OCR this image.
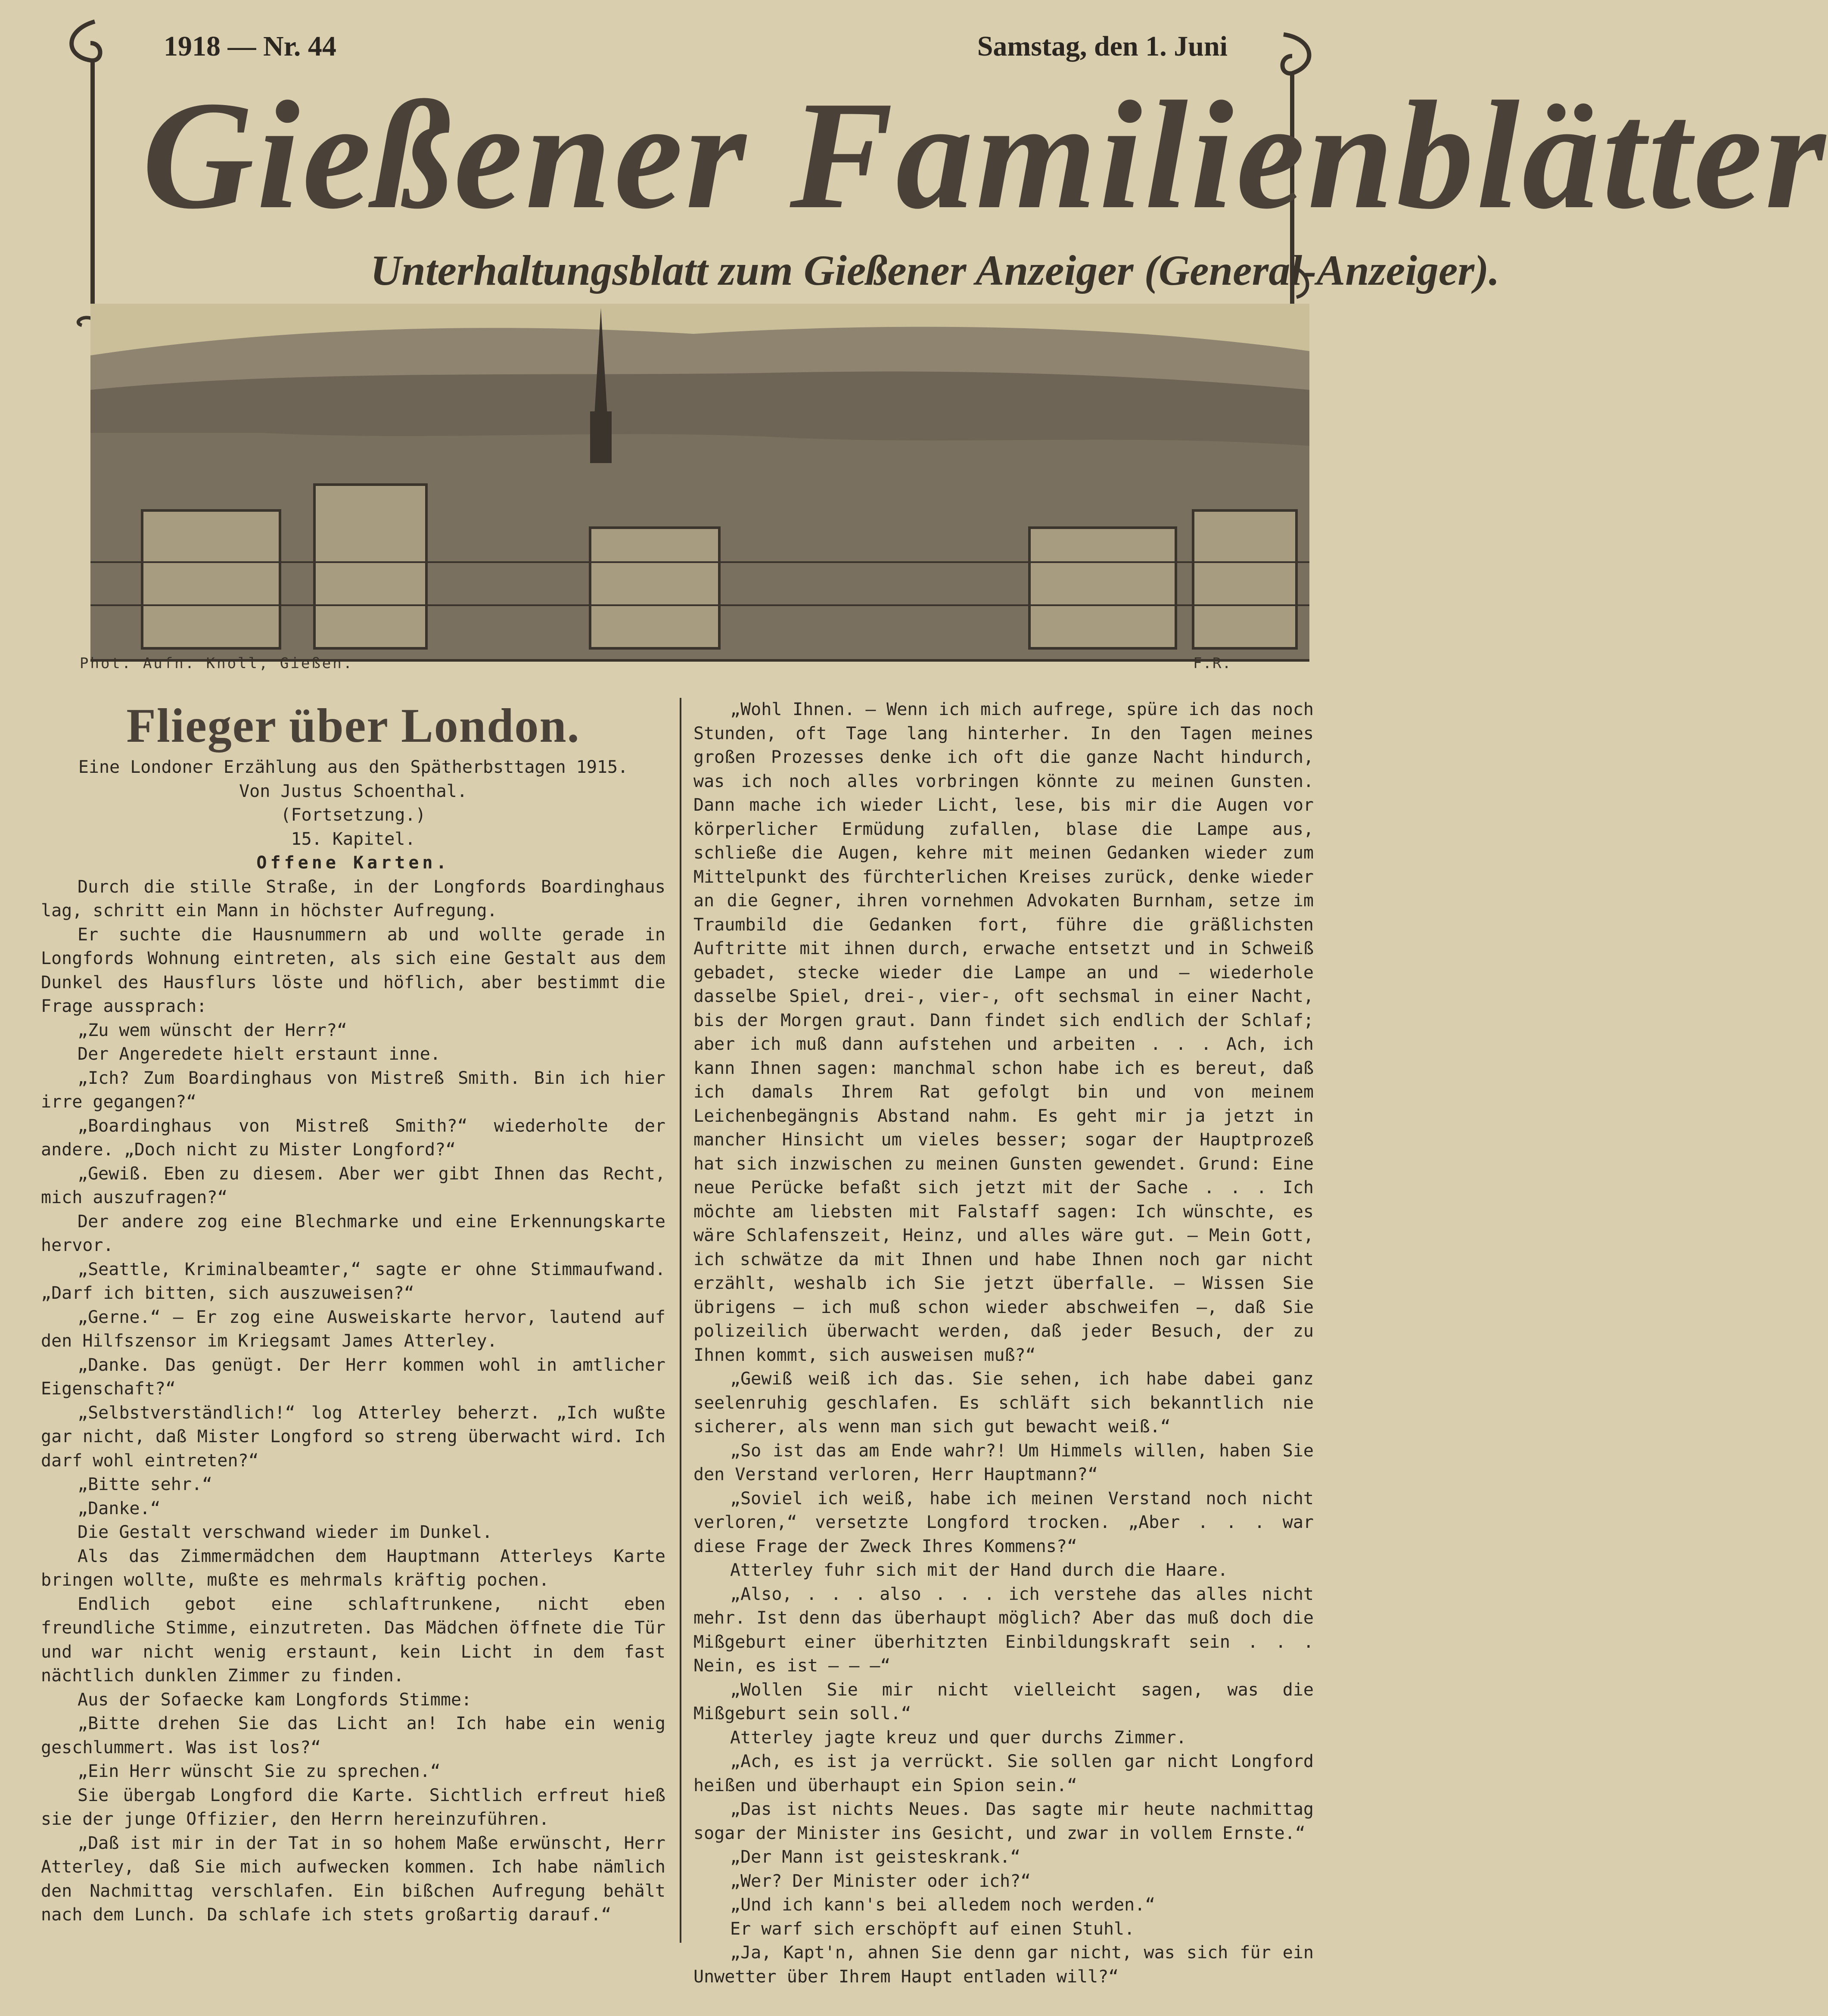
1918 — Nr. 44	Samstag, den 1. Juni
Gießener Familienblätter
Unterhaltungsblatt zum Gießener Anzeiger (General-Anzeiger).
Phot. Aufn. Knoll, Gießen.	F.R.
Flieger über London.

Eine Londoner Erzählung aus den Spätherbsttagen 1915.

Von Justus Schoenthal.

(Fortsetzung.)

15. Kapitel.

Offene Karten.

Durch die stille Straße, in der Longfords Boardinghaus lag, schritt ein Mann in höchster Aufregung.

Er suchte die Hausnummern ab und wollte gerade in Longfords Wohnung eintreten, als sich eine Gestalt aus dem Dunkel des Hausflurs löste und höflich, aber bestimmt die Frage aussprach:

„Zu wem wünscht der Herr?“

Der Angeredete hielt erstaunt inne.

„Ich? Zum Boardinghaus von Mistreß Smith. Bin ich hier irre gegangen?“

„Boardinghaus von Mistreß Smith?“ wiederholte der andere. „Doch nicht zu Mister Longford?“

„Gewiß. Eben zu diesem. Aber wer gibt Ihnen das Recht, mich auszufragen?“

Der andere zog eine Blechmarke und eine Erkennungskarte hervor.

„Seattle, Kriminalbeamter,“ sagte er ohne Stimmaufwand. „Darf ich bitten, sich auszuweisen?“

„Gerne.“ — Er zog eine Ausweiskarte hervor, lautend auf den Hilfszensor im Kriegsamt James Atterley.

„Danke. Das genügt. Der Herr kommen wohl in amtlicher Eigenschaft?“

„Selbstverständlich!“ log Atterley beherzt. „Ich wußte gar nicht, daß Mister Longford so streng überwacht wird. Ich darf wohl eintreten?“

„Bitte sehr.“

„Danke.“

Die Gestalt verschwand wieder im Dunkel.

Als das Zimmermädchen dem Hauptmann Atterleys Karte bringen wollte, mußte es mehrmals kräftig pochen.

Endlich gebot eine schlaftrunkene, nicht eben freundliche Stimme, einzutreten. Das Mädchen öffnete die Tür und war nicht wenig erstaunt, kein Licht in dem fast nächtlich dunklen Zimmer zu finden.

Aus der Sofaecke kam Longfords Stimme:

„Bitte drehen Sie das Licht an! Ich habe ein wenig geschlummert. Was ist los?“

„Ein Herr wünscht Sie zu sprechen.“

Sie übergab Longford die Karte. Sichtlich erfreut hieß sie der junge Offizier, den Herrn hereinzuführen.

„Daß ist mir in der Tat in so hohem Maße erwünscht, Herr Atterley, daß Sie mich aufwecken kommen. Ich habe nämlich den Nachmittag verschlafen. Ein bißchen Aufregung behält nach dem Lunch. Da schlafe ich stets großartig darauf.“

„Wohl Ihnen. — Wenn ich mich aufrege, spüre ich das noch Stunden, oft Tage lang hinterher. In den Tagen meines großen Prozesses denke ich oft die ganze Nacht hindurch, was ich noch alles vorbringen könnte zu meinen Gunsten. Dann mache ich wieder Licht, lese, bis mir die Augen vor körperlicher Ermüdung zufallen, blase die Lampe aus, schließe die Augen, kehre mit meinen Gedanken wieder zum Mittelpunkt des fürchterlichen Kreises zurück, denke wieder an die Gegner, ihren vornehmen Advokaten Burnham, setze im Traumbild die Gedanken fort, führe die gräßlichsten Auftritte mit ihnen durch, erwache entsetzt und in Schweiß gebadet, stecke wieder die Lampe an und — wiederhole dasselbe Spiel, drei-, vier-, oft sechsmal in einer Nacht, bis der Morgen graut. Dann findet sich endlich der Schlaf; aber ich muß dann aufstehen und arbeiten . . . Ach, ich kann Ihnen sagen: manchmal schon habe ich es bereut, daß ich damals Ihrem Rat gefolgt bin und von meinem Leichenbegängnis Abstand nahm. Es geht mir ja jetzt in mancher Hinsicht um vieles besser; sogar der Hauptprozeß hat sich inzwischen zu meinen Gunsten gewendet. Grund: Eine neue Perücke befaßt sich jetzt mit der Sache . . . Ich möchte am liebsten mit Falstaff sagen: Ich wünschte, es wäre Schlafenszeit, Heinz, und alles wäre gut. — Mein Gott, ich schwätze da mit Ihnen und habe Ihnen noch gar nicht erzählt, weshalb ich Sie jetzt überfalle. — Wissen Sie übrigens — ich muß schon wieder abschweifen —, daß Sie polizeilich überwacht werden, daß jeder Besuch, der zu Ihnen kommt, sich ausweisen muß?“

„Gewiß weiß ich das. Sie sehen, ich habe dabei ganz seelenruhig geschlafen. Es schläft sich bekanntlich nie sicherer, als wenn man sich gut bewacht weiß.“

„So ist das am Ende wahr?! Um Himmels willen, haben Sie den Verstand verloren, Herr Hauptmann?“

„Soviel ich weiß, habe ich meinen Verstand noch nicht verloren,“ versetzte Longford trocken. „Aber . . . war diese Frage der Zweck Ihres Kommens?“

Atterley fuhr sich mit der Hand durch die Haare.

„Also, . . . also . . . ich verstehe das alles nicht mehr. Ist denn das überhaupt möglich? Aber das muß doch die Mißgeburt einer überhitzten Einbildungskraft sein . . . Nein, es ist — — —“

„Wollen Sie mir nicht vielleicht sagen, was die Mißgeburt sein soll.“

Atterley jagte kreuz und quer durchs Zimmer.

„Ach, es ist ja verrückt. Sie sollen gar nicht Longford heißen und überhaupt ein Spion sein.“

„Das ist nichts Neues. Das sagte mir heute nachmittag sogar der Minister ins Gesicht, und zwar in vollem Ernste.“

„Der Mann ist geisteskrank.“

„Wer? Der Minister oder ich?“

„Und ich kann's bei alledem noch werden.“

Er warf sich erschöpft auf einen Stuhl.

„Ja, Kapt'n, ahnen Sie denn gar nicht, was sich für ein Unwetter über Ihrem Haupt entladen will?“
